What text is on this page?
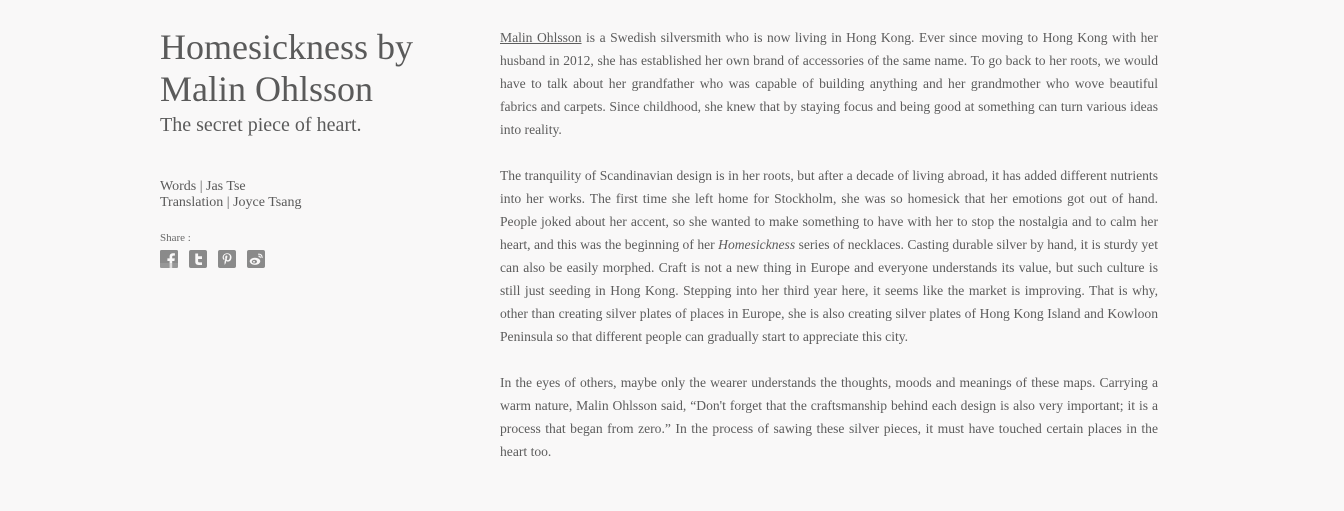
Homesickness by
Malin Ohlsson
The secret piece of heart.
Words | Jas Tse
Translation | Joyce Tsang
Share :

Malin Ohlsson is a Swedish silversmith who is now living in Hong Kong. Ever since moving to Hong Kong with her husband in 2012, she has established her own brand of accessories of the same name. To go back to her roots, we would have to talk about her grandfather who was capable of building anything and her grandmother who wove beautiful fabrics and carpets. Since childhood, she knew that by staying focus and being good at something can turn various ideas into reality.

The tranquility of Scandinavian design is in her roots, but after a decade of living abroad, it has added different nutrients into her works. The first time she left home for Stockholm, she was so homesick that her emotions got out of hand. People joked about her accent, so she wanted to make something to have with her to stop the nostalgia and to calm her heart, and this was the beginning of her Homesickness series of necklaces. Casting durable silver by hand, it is sturdy yet can also be easily morphed. Craft is not a new thing in Europe and everyone understands its value, but such culture is still just seeding in Hong Kong. Stepping into her third year here, it seems like the market is improving. That is why, other than creating silver plates of places in Europe, she is also creating silver plates of Hong Kong Island and Kowloon Peninsula so that different people can gradually start to appreciate this city.

In the eyes of others, maybe only the wearer understands the thoughts, moods and meanings of these maps. Carrying a warm nature, Malin Ohlsson said, “Don't forget that the craftsmanship behind each design is also very important; it is a process that began from zero.” In the process of sawing these silver pieces, it must have touched certain places in the heart too.
